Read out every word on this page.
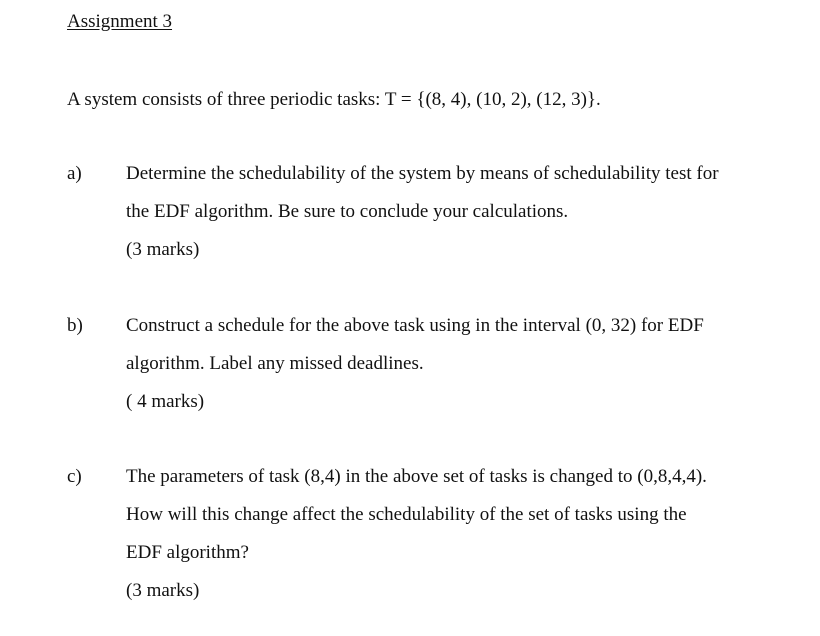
Assignment 3
A system consists of three periodic tasks: T = {(8, 4), (10, 2), (12, 3)}.
a) Determine the schedulability of the system by means of schedulability test for
the EDF algorithm. Be sure to conclude your calculations.
(3 marks)
b) Construct a schedule for the above task using in the interval (0, 32) for EDF
algorithm. Label any missed deadlines.
( 4 marks)
c) The parameters of task (8,4) in the above set of tasks is changed to (0,8,4,4).
How will this change affect the schedulability of the set of tasks using the
EDF algorithm?
(3 marks)
